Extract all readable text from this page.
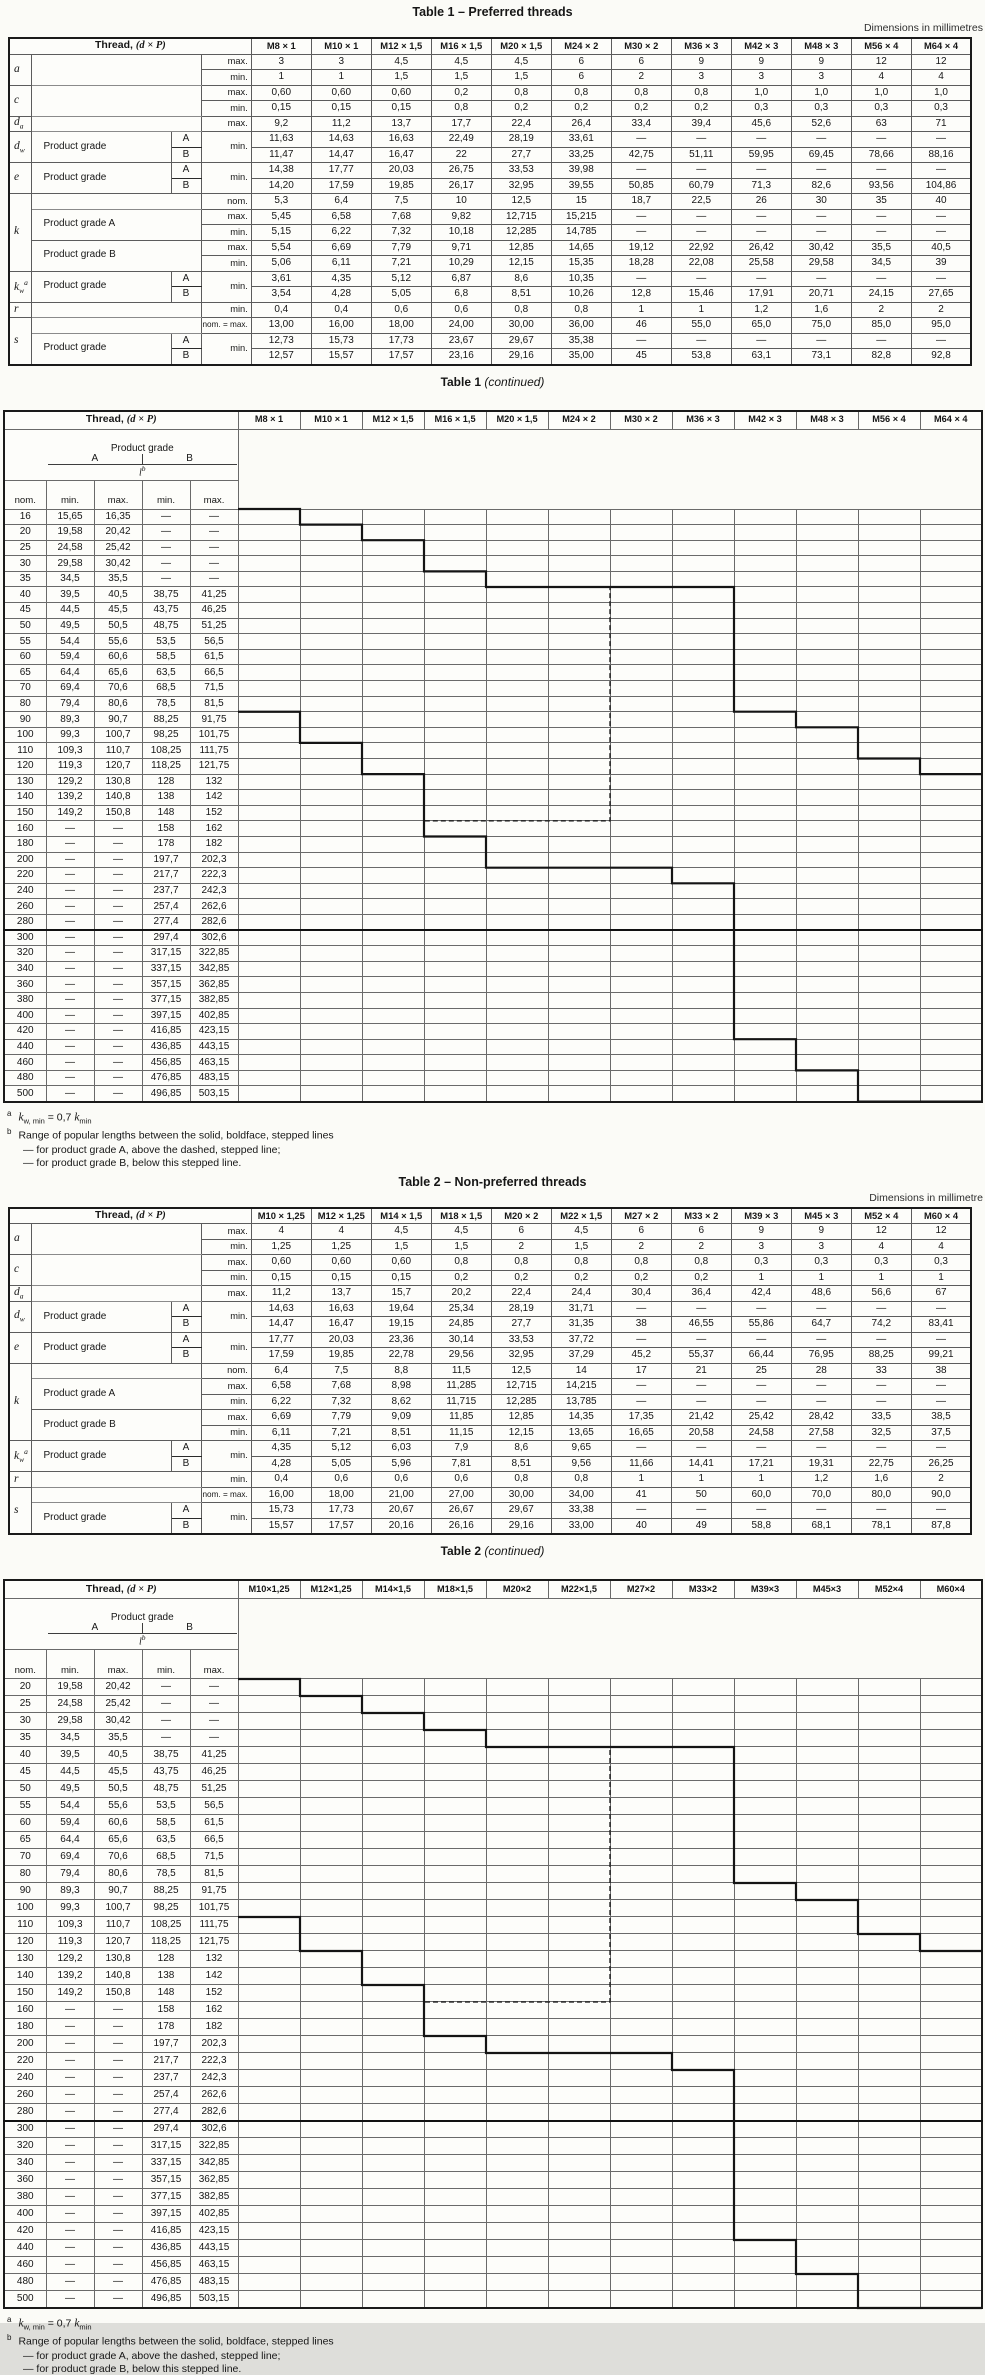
Table 1 – Preferred threads
Dimensions in millimetres
Thread, (d × P)				M8 × 1	M10 × 1	M12 × 1,5	M16 × 1,5	M20 × 1,5	M24 × 2	M30 × 2	M36 × 3	M42 × 3	M48 × 3	M56 × 4	M64 × 4
a			max.	3	3	4,5	4,5	4,5	6	6	9	9	9	12	12
			min.	1	1	1,5	1,5	1,5	6	2	3	3	3	4	4
c			max.	0,60	0,60	0,60	0,2	0,8	0,8	0,8	0,8	1,0	1,0	1,0	1,0
			min.	0,15	0,15	0,15	0,8	0,2	0,2	0,2	0,2	0,3	0,3	0,3	0,3
$d_a$			max.	9,2	11,2	13,7	17,7	22,4	26,4	33,4	39,4	45,6	52,6	63	71
$d_w$	Product grade	A	min.	11,63	14,63	16,63	22,49	28,19	33,61	—	—	—	—	—	—
		B		11,47	14,47	16,47	22	27,7	33,25	42,75	51,11	59,95	69,45	78,66	88,16
e	Product grade	A	min.	14,38	17,77	20,03	26,75	33,53	39,98	—	—	—	—	—	—
		B		14,20	17,59	19,85	26,17	32,95	39,55	50,85	60,79	71,3	82,6	93,56	104,86
k			nom.	5,3	6,4	7,5	10	12,5	15	18,7	22,5	26	30	35	40
	Product grade A		max.	5,45	6,58	7,68	9,82	12,715	15,215	—	—	—	—	—	—
			min.	5,15	6,22	7,32	10,18	12,285	14,785	—	—	—	—	—	—
	Product grade B		max.	5,54	6,69	7,79	9,71	12,85	14,65	19,12	22,92	26,42	30,42	35,5	40,5
			min.	5,06	6,11	7,21	10,29	12,15	15,35	18,28	22,08	25,58	29,58	34,5	39
$k_w^a$	Product grade	A	min.	3,61	4,35	5,12	6,87	8,6	10,35	—	—	—	—	—	—
		B		3,54	4,28	5,05	6,8	8,51	10,26	12,8	15,46	17,91	20,71	24,15	27,65
r			min.	0,4	0,4	0,6	0,6	0,8	0,8	1	1	1,2	1,6	2	2
s			nom. = max.	13,00	16,00	18,00	24,00	30,00	36,00	46	55,0	65,0	75,0	85,0	95,0
	Product grade	A	min.	12,73	15,73	17,73	23,67	29,67	35,38	—	—	—	—	—	—
		B		12,57	15,57	17,57	23,16	29,16	35,00	45	53,8	63,1	73,1	82,8	92,8
Table 1 (continued)
Thread, (d × P)					M8 × 1	M10 × 1	M12 × 1,5	M16 × 1,5	M20 × 1,5	M24 × 2	M30 × 2	M36 × 3	M42 × 3	M48 × 3	M56 × 4	M64 × 4

Product grade
A B
$l^b$

nom.	min.	max.	min.	max.												
16	15,65	16,35	—	—												
20	19,58	20,42	—	—												
25	24,58	25,42	—	—												
30	29,58	30,42	—	—												
35	34,5	35,5	—	—												
40	39,5	40,5	38,75	41,25												
45	44,5	45,5	43,75	46,25												
50	49,5	50,5	48,75	51,25												
55	54,4	55,6	53,5	56,5												
60	59,4	60,6	58,5	61,5												
65	64,4	65,6	63,5	66,5												
70	69,4	70,6	68,5	71,5												
80	79,4	80,6	78,5	81,5												
90	89,3	90,7	88,25	91,75												
100	99,3	100,7	98,25	101,75												
110	109,3	110,7	108,25	111,75												
120	119,3	120,7	118,25	121,75												
130	129,2	130,8	128	132												
140	139,2	140,8	138	142												
150	149,2	150,8	148	152												
160	—	—	158	162												
180	—	—	178	182												
200	—	—	197,7	202,3												
220	—	—	217,7	222,3												
240	—	—	237,7	242,3												
260	—	—	257,4	262,6												
280	—	—	277,4	282,6												
300	—	—	297,4	302,6												
320	—	—	317,15	322,85												
340	—	—	337,15	342,85												
360	—	—	357,15	362,85												
380	—	—	377,15	382,85												
400	—	—	397,15	402,85												
420	—	—	416,85	423,15												
440	—	—	436,85	443,15												
460	—	—	456,85	463,15												
480	—	—	476,85	483,15												
500	—	—	496,85	503,15												
$^a$ $k_{w, min} = 0,7$ $k_{min}$
$^b$ Range of popular lengths between the solid, boldface, stepped lines
— for product grade A, above the dashed, stepped line;
— for product grade B, below this stepped line.
Table 2 – Non-preferred threads
Dimensions in millimetre
Thread, (d × P)				M10 × 1,25	M12 × 1,25	M14 × 1,5	M18 × 1,5	M20 × 2	M22 × 1,5	M27 × 2	M33 × 2	M39 × 3	M45 × 3	M52 × 4	M60 × 4
a			max.	4	4	4,5	4,5	6	4,5	6	6	9	9	12	12
			min.	1,25	1,25	1,5	1,5	2	1,5	2	2	3	3	4	4
c			max.	0,60	0,60	0,60	0,8	0,8	0,8	0,8	0,8	0,3	0,3	0,3	0,3
			min.	0,15	0,15	0,15	0,2	0,2	0,2	0,2	0,2	1	1	1	1
$d_a$			max.	11,2	13,7	15,7	20,2	22,4	24,4	30,4	36,4	42,4	48,6	56,6	67
$d_w$	Product grade	A	min.	14,63	16,63	19,64	25,34	28,19	31,71	—	—	—	—	—	—
		B		14,47	16,47	19,15	24,85	27,7	31,35	38	46,55	55,86	64,7	74,2	83,41
e	Product grade	A	min.	17,77	20,03	23,36	30,14	33,53	37,72	—	—	—	—	—	—
		B		17,59	19,85	22,78	29,56	32,95	37,29	45,2	55,37	66,44	76,95	88,25	99,21
k			nom.	6,4	7,5	8,8	11,5	12,5	14	17	21	25	28	33	38
	Product grade A		max.	6,58	7,68	8,98	11,285	12,715	14,215	—	—	—	—	—	—
			min.	6,22	7,32	8,62	11,715	12,285	13,785	—	—	—	—	—	—
	Product grade B		max.	6,69	7,79	9,09	11,85	12,85	14,35	17,35	21,42	25,42	28,42	33,5	38,5
			min.	6,11	7,21	8,51	11,15	12,15	13,65	16,65	20,58	24,58	27,58	32,5	37,5
$k_w^a$	Product grade	A	min.	4,35	5,12	6,03	7,9	8,6	9,65	—	—	—	—	—	—
		B		4,28	5,05	5,96	7,81	8,51	9,56	11,66	14,41	17,21	19,31	22,75	26,25
r			min.	0,4	0,6	0,6	0,6	0,8	0,8	1	1	1	1,2	1,6	2
s			nom. = max.	16,00	18,00	21,00	27,00	30,00	34,00	41	50	60,0	70,0	80,0	90,0
	Product grade	A	min.	15,73	17,73	20,67	26,67	29,67	33,38	—	—	—	—	—	—
		B		15,57	17,57	20,16	26,16	29,16	33,00	40	49	58,8	68,1	78,1	87,8
Table 2 (continued)
Thread, (d × P)					M10×1,25	M12×1,25	M14×1,5	M18×1,5	M20×2	M22×1,5	M27×2	M33×2	M39×3	M45×3	M52×4	M60×4

Product grade
A B
$l^b$

nom.	min.	max.	min.	max.												
20	19,58	20,42	—	—												
25	24,58	25,42	—	—												
30	29,58	30,42	—	—												
35	34,5	35,5	—	—												
40	39,5	40,5	38,75	41,25												
45	44,5	45,5	43,75	46,25												
50	49,5	50,5	48,75	51,25												
55	54,4	55,6	53,5	56,5												
60	59,4	60,6	58,5	61,5												
65	64,4	65,6	63,5	66,5												
70	69,4	70,6	68,5	71,5												
80	79,4	80,6	78,5	81,5												
90	89,3	90,7	88,25	91,75												
100	99,3	100,7	98,25	101,75												
110	109,3	110,7	108,25	111,75												
120	119,3	120,7	118,25	121,75												
130	129,2	130,8	128	132												
140	139,2	140,8	138	142												
150	149,2	150,8	148	152												
160	—	—	158	162												
180	—	—	178	182												
200	—	—	197,7	202,3												
220	—	—	217,7	222,3												
240	—	—	237,7	242,3												
260	—	—	257,4	262,6												
280	—	—	277,4	282,6												
300	—	—	297,4	302,6												
320	—	—	317,15	322,85												
340	—	—	337,15	342,85												
360	—	—	357,15	362,85												
380	—	—	377,15	382,85												
400	—	—	397,15	402,85												
420	—	—	416,85	423,15												
440	—	—	436,85	443,15												
460	—	—	456,85	463,15												
480	—	—	476,85	483,15												
500	—	—	496,85	503,15												
$^a$ $k_{w, min} = 0,7$ $k_{min}$
$^b$ Range of popular lengths between the solid, boldface, stepped lines
— for product grade A, above the dashed, stepped line;
— for product grade B, below this stepped line.
